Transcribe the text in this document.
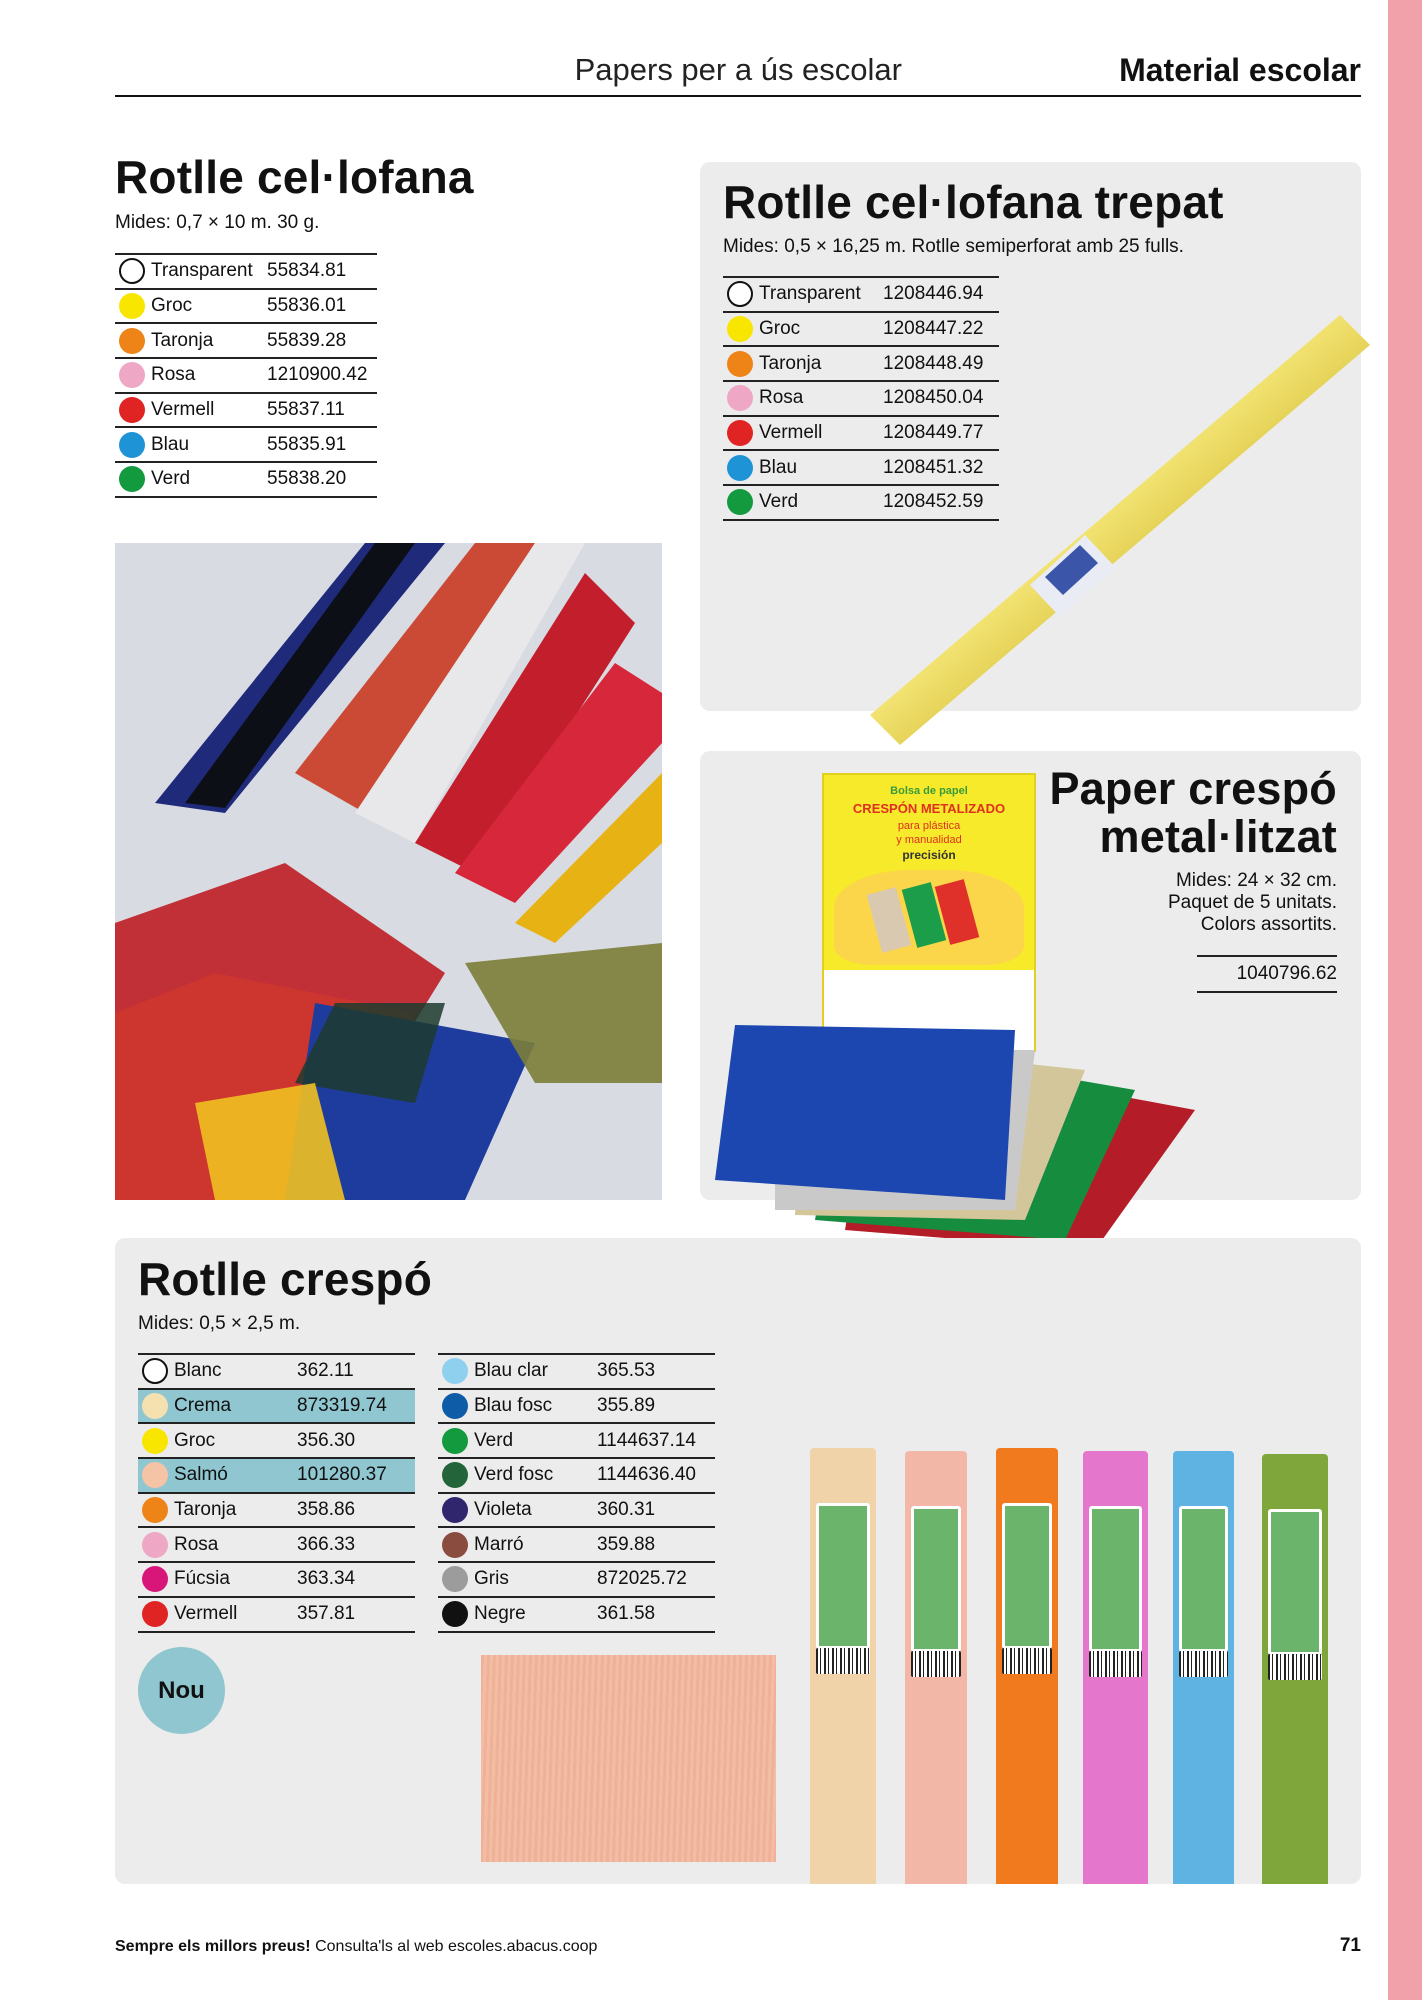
Papers per a ús escolar	Material escolar
Rotlle cel·lofana
Mides: 0,7 × 10 m. 30 g.
	Transparent	55834.81
	Groc	55836.01
	Taronja	55839.28
	Rosa	1210900.42
	Vermell	55837.11
	Blau	55835.91
	Verd	55838.20
Rotlle cel·lofana trepat
Mides: 0,5 × 16,25 m. Rotlle semiperforat amb 25 fulls.
	Transparent	1208446.94
	Groc	1208447.22
	Taronja	1208448.49
	Rosa	1208450.04
	Vermell	1208449.77
	Blau	1208451.32
	Verd	1208452.59
Bolsa de papel
CRESPÓN METALIZADO
para plástica
y manualidad
precisión
Paper crespó
metal·litzat
Mides: 24 × 32 cm.
Paquet de 5 unitats.
Colors assortits.
1040796.62
Rotlle crespó
Mides: 0,5 × 2,5 m.
	Blanc	362.11
	Crema	873319.74
	Groc	356.30
	Salmó	101280.37
	Taronja	358.86
	Rosa	366.33
	Fúcsia	363.34
	Vermell	357.81
	Blau clar	365.53
	Blau fosc	355.89
	Verd	1144637.14
	Verd fosc	1144636.40
	Violeta	360.31
	Marró	359.88
	Gris	872025.72
	Negre	361.58
Nou
Sempre els millors preus! Consulta'ls al web escoles.abacus.coop	71
